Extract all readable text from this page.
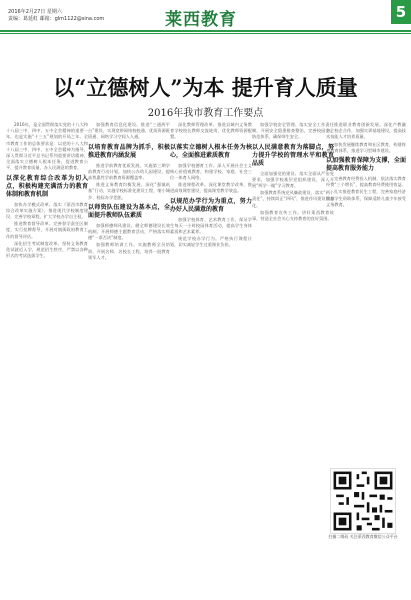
2016年2月27日 星期六
责编：葛延虹 邮箱：glm1122@sina.com	莱西教育	5
以“立德树人”为本 提升育人质量
2016年我市教育工作要点

2016年，是全面贯彻落实党的十八大和十八届三中、四中、五中全会精神的重要一年，也是实施“十三五”规划的开局之年。全市教育工作的总体要求是：以党的十八大和十八届三中、四中、五中全会精神为指导，深入贯彻习近平总书记系列重要讲话精神，全面落实立德树人根本任务，促进教育公平，提升教育质量，办人民满意的教育。

以深化教育综合改革为切入点，积极构建充满活力的教育体制和教育机制

加快办学模式改革。落实《莱西市教育综合改革实施方案》，推进现代学校制度建设，完善学校章程，扩大学校办学自主权。

推进教育督导改革。完善督学责任区制度，实行挂牌督导，开展对镇街政府教育工作的督导评估。

深化招生考试制度改革。坚持义务教育免试就近入学，规范招生秩序，严禁以各种形式的考试选拔学生。

加强教育信息化建设。推进“三通两平台”建设，实现宽带网络校校通、优质资源班班通、网络学习空间人人通。

以培育教育品牌为抓手，积极推进教育内涵发展

推进学前教育优质发展。实施第三期学前教育行动计划，加快公办幼儿园建设，提高普惠性学前教育资源覆盖率。

推进义务教育均衡发展。深化“强镇筑基”行动，实施学校标准化建设工程，缩小城乡、校际办学差距。

以师资队伍建设为基本点，全面提升教师队伍素质

加强师德师风建设。健全师德建设长效机制，开展师德主题教育活动，严格落实师德“一票否决”制度。

加强教师培训工作。实施教师全员培训，开展名师、名校长工程，培养一批教育领军人才。

深化教师管理改革。推进县域内义务教育学校校长教师交流轮岗，优化教师资源配置。

以落实立德树人根本任务为核心，全面推进素质教育

加强学校德育工作。深入开展社会主义核心价值观教育，构建学校、家庭、社会三位一体育人网络。

推进课程改革。深化课堂教学改革，推进高效课堂建设，提高课堂教学效益。

以规范办学行为为重点，努力办好人民满意的教育

加强学校体育、艺术教育工作，保证学生每天一小时校园体育活动，提高学生身体素质和艺术素养。

规范学校办学行为。严格执行课程计划，切实减轻学生过重课业负担。

加强学校安全管理。落实安全工作责任制，开展安全隐患排查整治，完善校园安全防范体系，确保师生安全。

以人民满意教育为落脚点，努力提升学校的管理水平和教育品质

全面加强党的建设。落实全面从严治党要求，加强学校基层党组织建设，深入开展“两学一做”学习教育。

加强教育系统党风廉政建设，落实“两个责任”，持续纠正“四风”，推进作风建设常态化。

加强教育宣传工作。讲好莱西教育故事，营造全社会关心支持教育的良好氛围。

推进职业教育创新发展。深化产教融合、校企合作，加强实训基地建设，提高技术技能人才培养质量。

加快发展继续教育和社区教育，构建终身教育体系，推进学习型城市建设。

以加强教育保障为支撑，全面提高教育服务能力

完善教育经费投入机制，依法落实教育经费“三个增长”，提高教育经费使用效益。

扎实推进教育民生工程，完善家庭经济困难学生资助体系，保障适龄儿童少年接受义务教育。

扫描二维码 关注莱西教育微信公众平台
